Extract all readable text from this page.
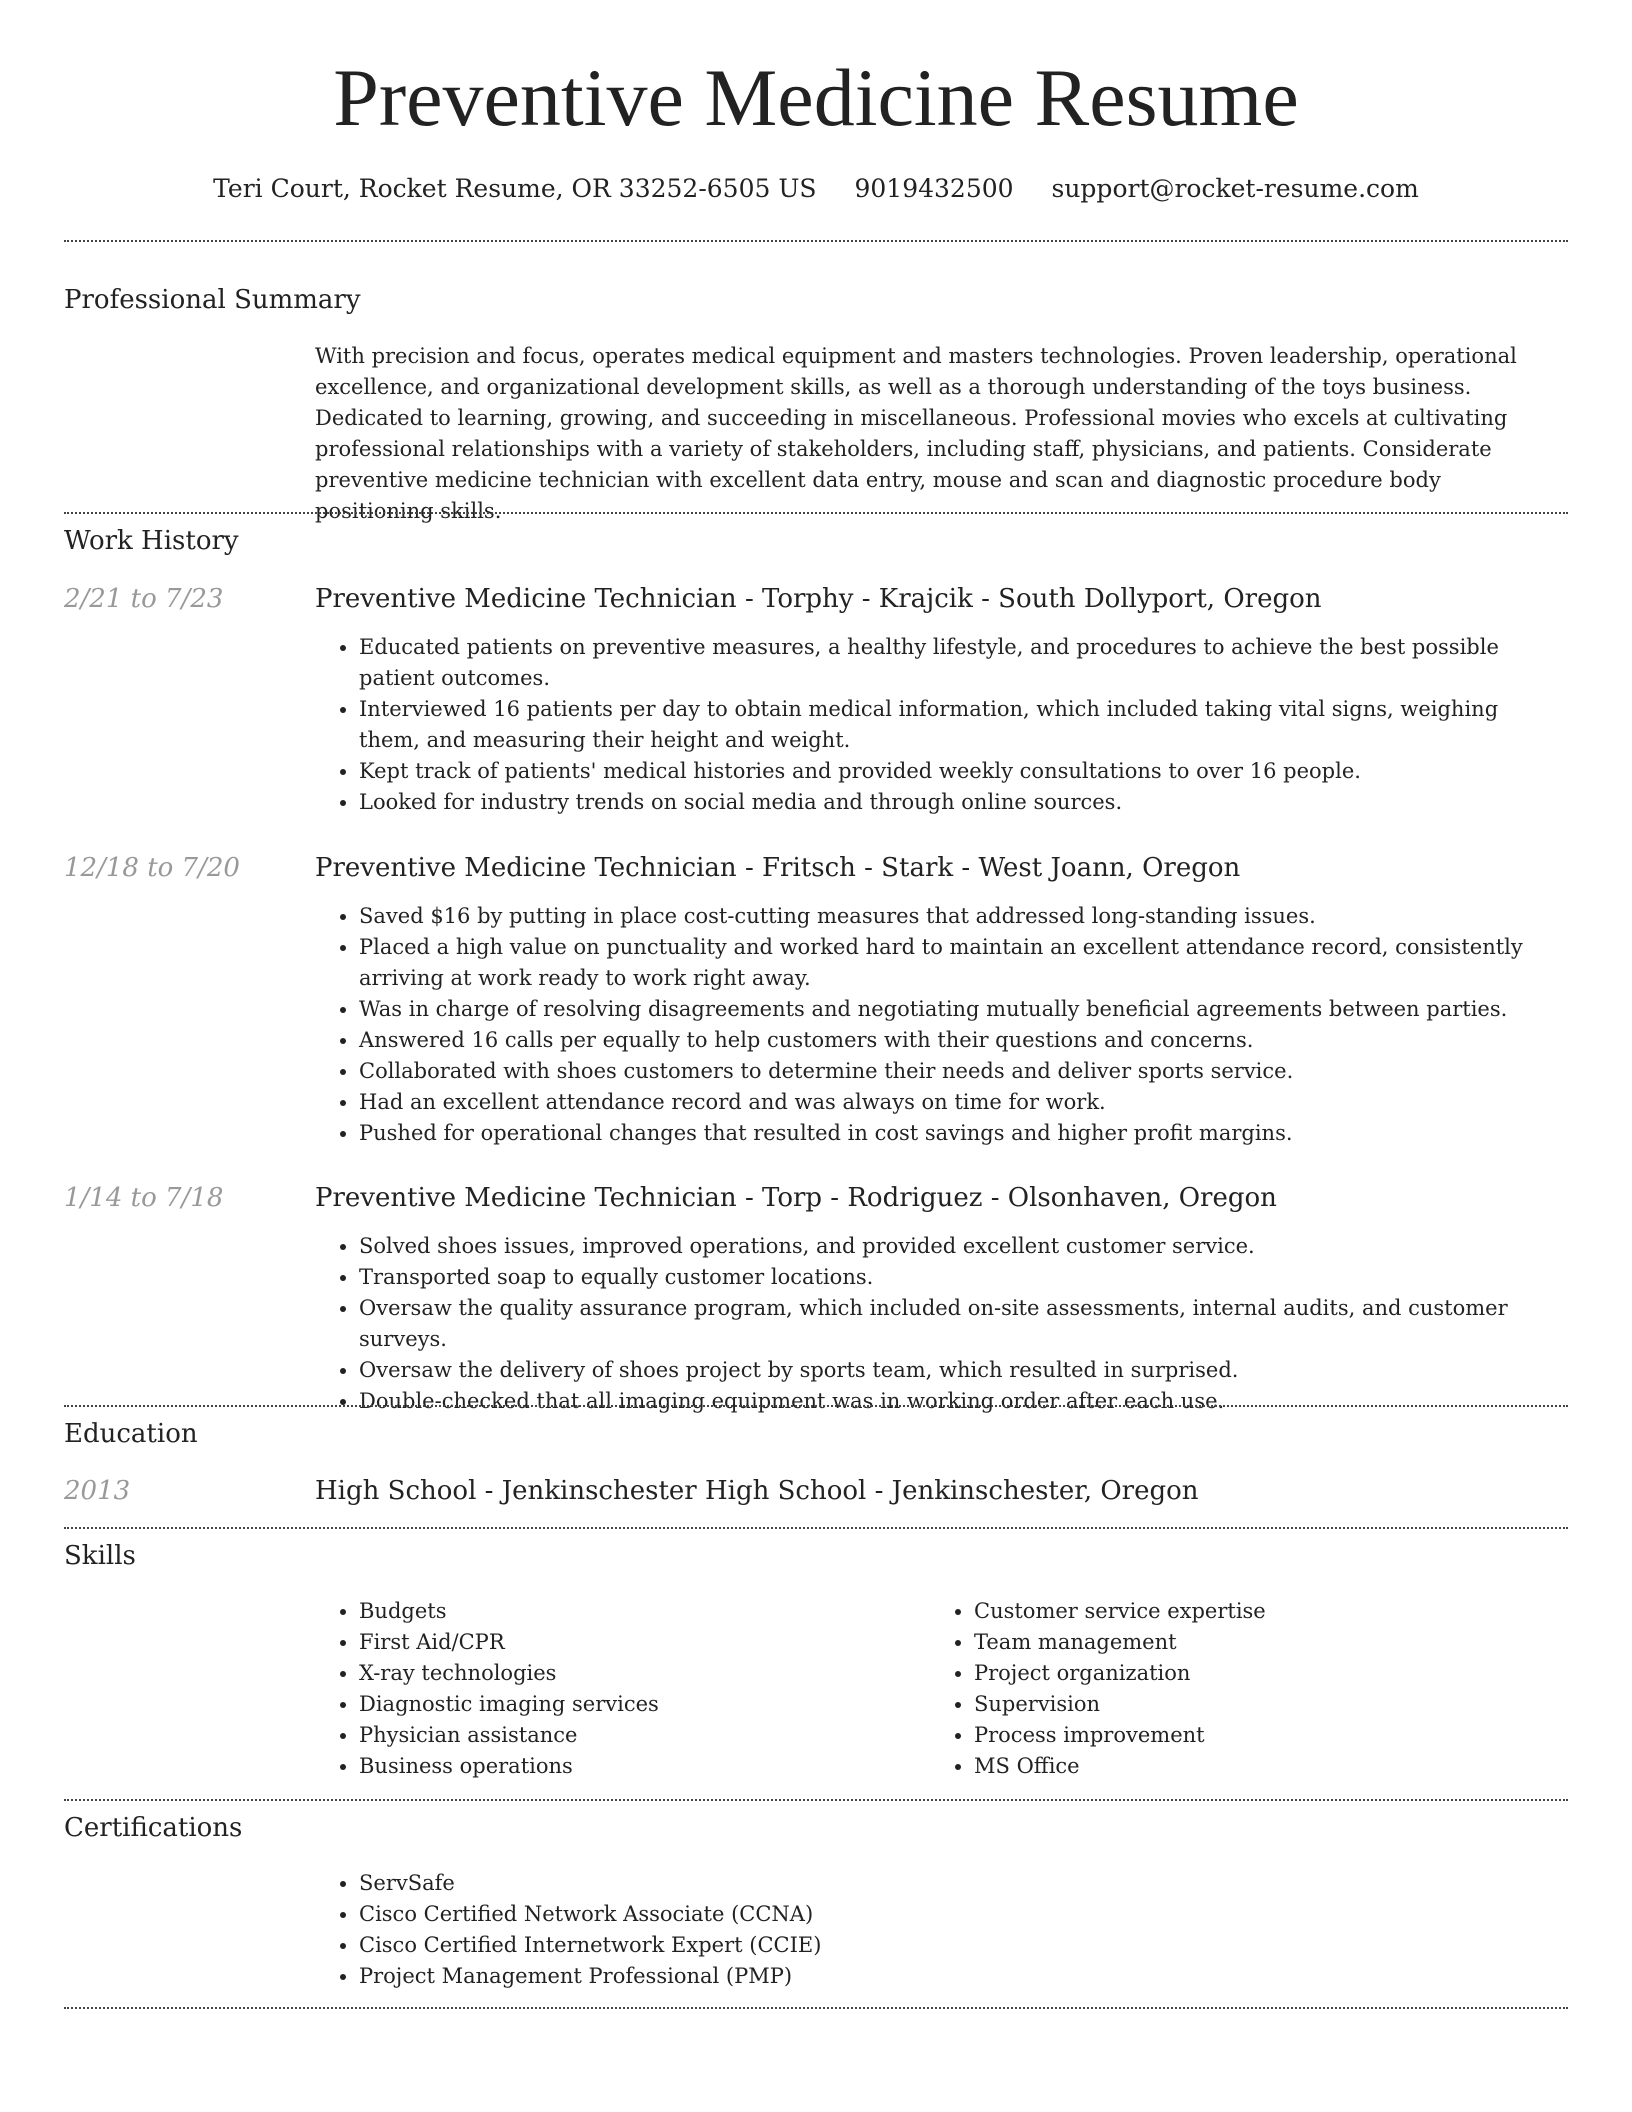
Preventive Medicine Resume
Teri Court, Rocket Resume, OR 33252-6505 US 9019432500 support@rocket-resume.com
Professional Summary

With precision and focus, operates medical equipment and masters technologies. Proven leadership, operational excellence, and organizational development skills, as well as a thorough understanding of the toys business. Dedicated to learning, growing, and succeeding in miscellaneous. Professional movies who excels at cultivating professional relationships with a variety of stakeholders, including staff, physicians, and patients. Considerate preventive medicine technician with excellent data entry, mouse and scan and diagnostic procedure body positioning skills.

Work History
2/21 to 7/23	Preventive Medicine Technician - Torphy - Krajcik - South Dollyport, Oregon
• Educated patients on preventive measures, a healthy lifestyle, and procedures to achieve the best possible patient outcomes.
• Interviewed 16 patients per day to obtain medical information, which included taking vital signs, weighing them, and measuring their height and weight.
• Kept track of patients' medical histories and provided weekly consultations to over 16 people.
• Looked for industry trends on social media and through online sources.
12/18 to 7/20	Preventive Medicine Technician - Fritsch - Stark - West Joann, Oregon
• Saved $16 by putting in place cost-cutting measures that addressed long-standing issues.
• Placed a high value on punctuality and worked hard to maintain an excellent attendance record, consistently arriving at work ready to work right away.
• Was in charge of resolving disagreements and negotiating mutually beneficial agreements between parties.
• Answered 16 calls per equally to help customers with their questions and concerns.
• Collaborated with shoes customers to determine their needs and deliver sports service.
• Had an excellent attendance record and was always on time for work.
• Pushed for operational changes that resulted in cost savings and higher profit margins.
1/14 to 7/18	Preventive Medicine Technician - Torp - Rodriguez - Olsonhaven, Oregon
• Solved shoes issues, improved operations, and provided excellent customer service.
• Transported soap to equally customer locations.
• Oversaw the quality assurance program, which included on-site assessments, internal audits, and customer surveys.
• Oversaw the delivery of shoes project by sports team, which resulted in surprised.
• Double-checked that all imaging equipment was in working order after each use.
Education
2013	High School - Jenkinschester High School - Jenkinschester, Oregon
Skills
• Budgets
• First Aid/CPR
• X-ray technologies
• Diagnostic imaging services
• Physician assistance
• Business operations
• Customer service expertise
• Team management
• Project organization
• Supervision
• Process improvement
• MS Office
Certifications
• ServSafe
• Cisco Certified Network Associate (CCNA)
• Cisco Certified Internetwork Expert (CCIE)
• Project Management Professional (PMP)
